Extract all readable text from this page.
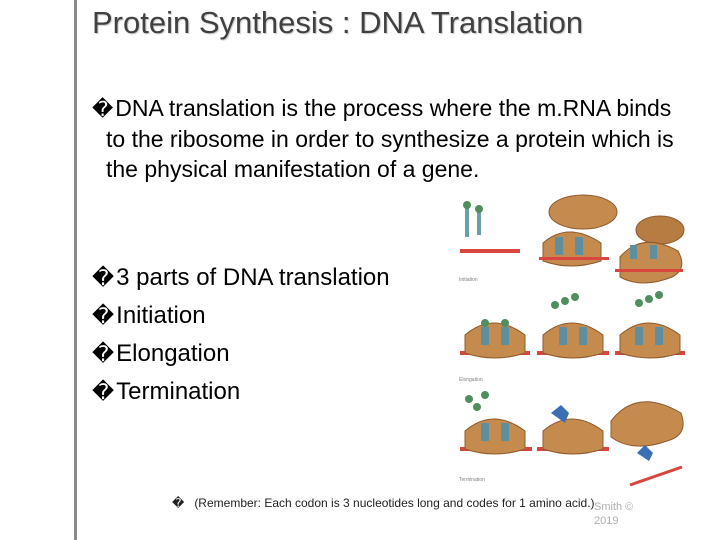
Protein Synthesis : DNA Translation
�DNA translation is the process where the m.RNA binds to the ribosome in order to synthesize a protein which is the physical manifestation of a gene.
�3 parts of DNA translation
�Initiation
�Elongation
�Termination
Initiation
Elongation
Termination
� (Remember: Each codon is 3 nucleotides long and codes for 1 amino acid.) Smith ©
2019
